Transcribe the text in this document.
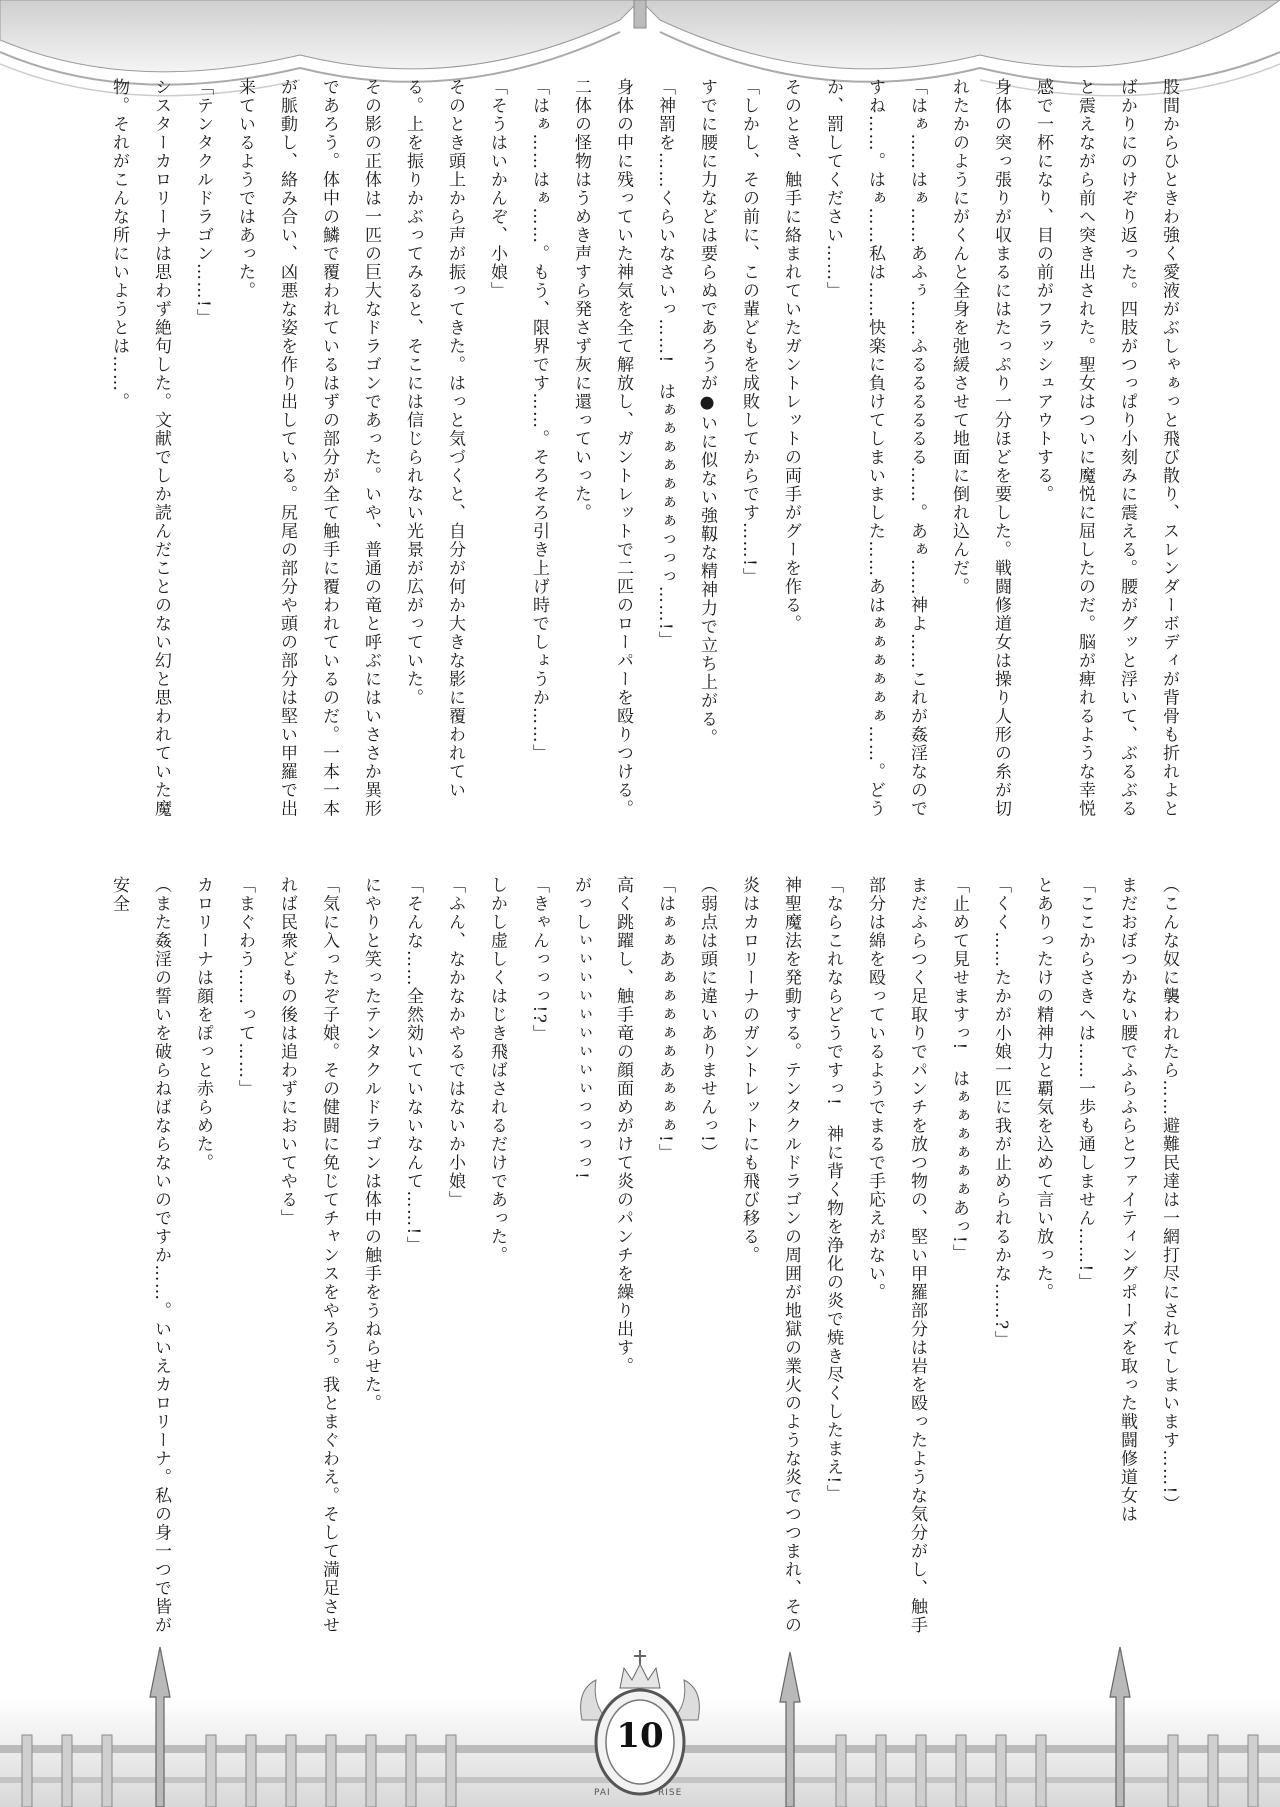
股間からひときわ強く愛液がぶしゃぁっと飛び散り、スレンダーボディが背骨も折れよとばかりにのけぞり返った。四肢がつっぱり小刻みに震える。腰がグッと浮いて、ぶるぶると震えながら前へ突き出された。聖女はついに魔悦に屈したのだ。脳が痺れるような幸悦感で一杯になり、目の前がフラッシュアウトする。

身体の突っ張りが収まるにはたっぷり一分ほどを要した。戦闘修道女は操り人形の糸が切れたかのようにがくんと全身を弛緩させて地面に倒れ込んだ。

「はぁ……はぁ……あふぅ……ふるるるるるる……。あぁ……神よ……これが姦淫なのですね……。はぁ……私は……快楽に負けてしまいました……あはぁぁぁぁぁぁ……。どうか、罰してください……」

そのとき、触手に絡まれていたガントレットの両手がグーを作る。

「しかし、その前に、この輩どもを成敗してからです……!」

すでに腰に力などは要らぬであろうが●いに似ない強靱な精神力で立ち上がる。

「神罰を……くらいなさいっ……!　はぁぁぁぁぁぁぁっっっ……!」

身体の中に残っていた神気を全て解放し、ガントレットで二匹のローパーを殴りつける。二体の怪物はうめき声すら発さず灰に還っていった。

「はぁ……はぁ……。もう、限界です……。そろそろ引き上げ時でしょうか……」

「そうはいかんぞ、小娘」

そのとき頭上から声が振ってきた。はっと気づくと、自分が何か大きな影に覆われている。上を振りかぶってみると、そこには信じられない光景が広がっていた。

その影の正体は一匹の巨大なドラゴンであった。いや、普通の竜と呼ぶにはいささか異形であろう。体中の鱗で覆われているはずの部分が全て触手に覆われているのだ。一本一本が脈動し、絡み合い、凶悪な姿を作り出している。尻尾の部分や頭の部分は堅い甲羅で出来ているようではあった。

「テンタクルドラゴン……!」

シスターカロリーナは思わず絶句した。文献でしか読んだことのない幻と思われていた魔物。それがこんな所にいようとは……。

（こんな奴に襲われたら……避難民達は一網打尽にされてしまいます……!）

まだおぼつかない腰でふらふらとファイティングポーズを取った戦闘修道女は

「ここからさきへは……一歩も通しません……!」

とありったけの精神力と覇気を込めて言い放った。

「くく……たかが小娘一匹に我が止められるかな……?」

「止めて見せますっ!　はぁぁぁぁぁぁあっ!」

まだふらつく足取りでパンチを放つ物の、堅い甲羅部分は岩を殴ったような気分がし、触手部分は綿を殴っているようでまるで手応えがない。

「ならこれならどうですっ!　神に背く物を浄化の炎で焼き尽くしたまえ!」

神聖魔法を発動する。テンタクルドラゴンの周囲が地獄の業火のような炎でつつまれ、その炎はカロリーナのガントレットにも飛び移る。

（弱点は頭に違いありませんっ!）

「はぁぁあぁぁぁぁぁあぁぁぁ!」

高く跳躍し、触手竜の顔面めがけて炎のパンチを繰り出す。

がっしぃぃぃぃぃぃぃぃぃっっっっ!

「きゃんっっっ!?」

しかし虚しくはじき飛ばされるだけであった。

「ふん、なかなかやるではないか小娘」

「そんな……全然効いていないなんて……!」

にやりと笑ったテンタクルドラゴンは体中の触手をうねらせた。

「気に入ったぞ子娘。その健闘に免じてチャンスをやろう。我とまぐわえ。そして満足させれば民衆どもの後は追わずにおいてやる」

「まぐわう……って……」

カロリーナは顔をぽっと赤らめた。

（また姦淫の誓いを破らねばならないのですか……。いいえカロリーナ。私の身一つで皆が安全

10
PAI	RISE
